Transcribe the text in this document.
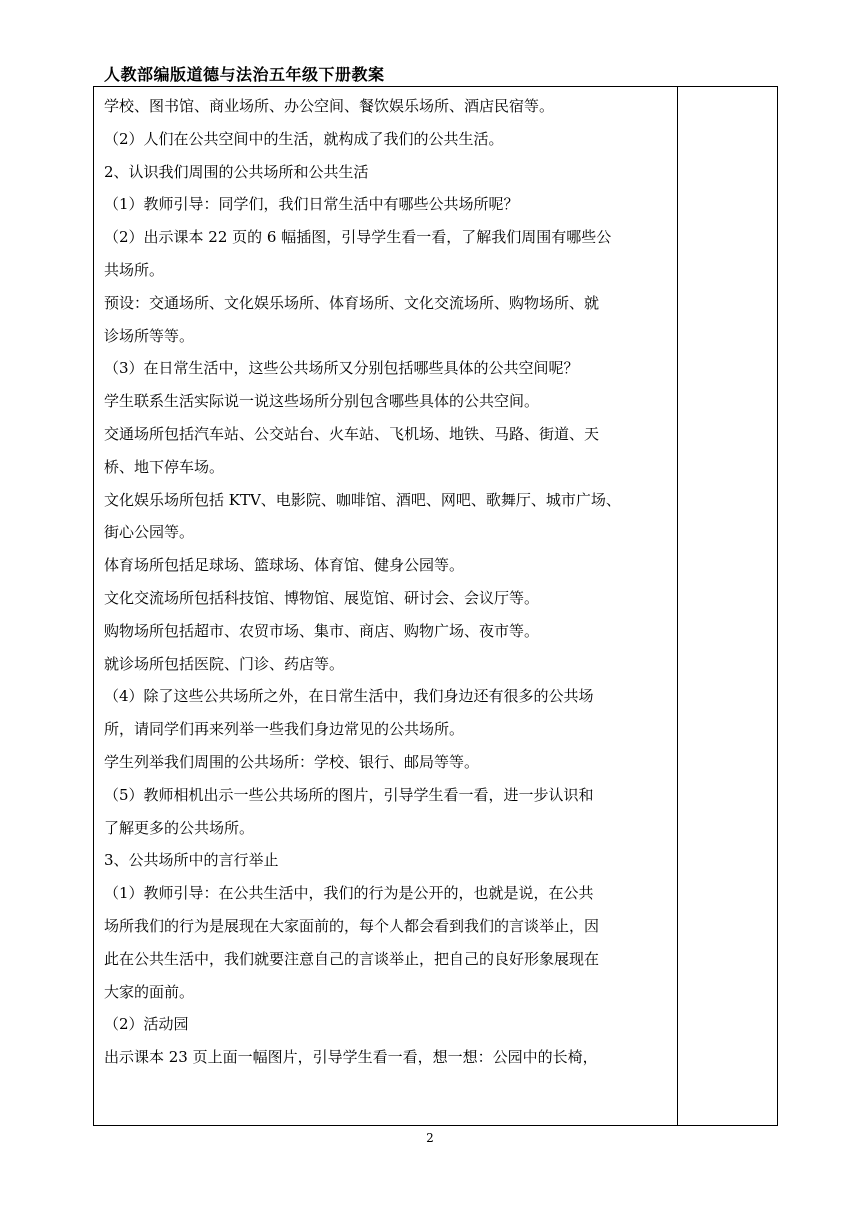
人教部编版道德与法治五年级下册教案
学校、图书馆、商业场所、办公空间、餐饮娱乐场所、酒店民宿等。
（2）人们在公共空间中的生活，就构成了我们的公共生活。
2、认识我们周围的公共场所和公共生活
（1）教师引导：同学们，我们日常生活中有哪些公共场所呢？
（2）出示课本 22 页的 6 幅插图，引导学生看一看，了解我们周围有哪些公
共场所。
预设：交通场所、文化娱乐场所、体育场所、文化交流场所、购物场所、就
诊场所等等。
（3）在日常生活中，这些公共场所又分别包括哪些具体的公共空间呢？
学生联系生活实际说一说这些场所分别包含哪些具体的公共空间。
交通场所包括汽车站、公交站台、火车站、飞机场、地铁、马路、街道、天
桥、地下停车场。
文化娱乐场所包括 KTV、电影院、咖啡馆、酒吧、网吧、歌舞厅、城市广场、
街心公园等。
体育场所包括足球场、篮球场、体育馆、健身公园等。
文化交流场所包括科技馆、博物馆、展览馆、研讨会、会议厅等。
购物场所包括超市、农贸市场、集市、商店、购物广场、夜市等。
就诊场所包括医院、门诊、药店等。
（4）除了这些公共场所之外，在日常生活中，我们身边还有很多的公共场
所，请同学们再来列举一些我们身边常见的公共场所。
学生列举我们周围的公共场所：学校、银行、邮局等等。
（5）教师相机出示一些公共场所的图片，引导学生看一看，进一步认识和
了解更多的公共场所。
3、公共场所中的言行举止
（1）教师引导：在公共生活中，我们的行为是公开的，也就是说，在公共
场所我们的行为是展现在大家面前的，每个人都会看到我们的言谈举止，因
此在公共生活中，我们就要注意自己的言谈举止，把自己的良好形象展现在
大家的面前。
（2）活动园
出示课本 23 页上面一幅图片，引导学生看一看，想一想：公园中的长椅，
2
